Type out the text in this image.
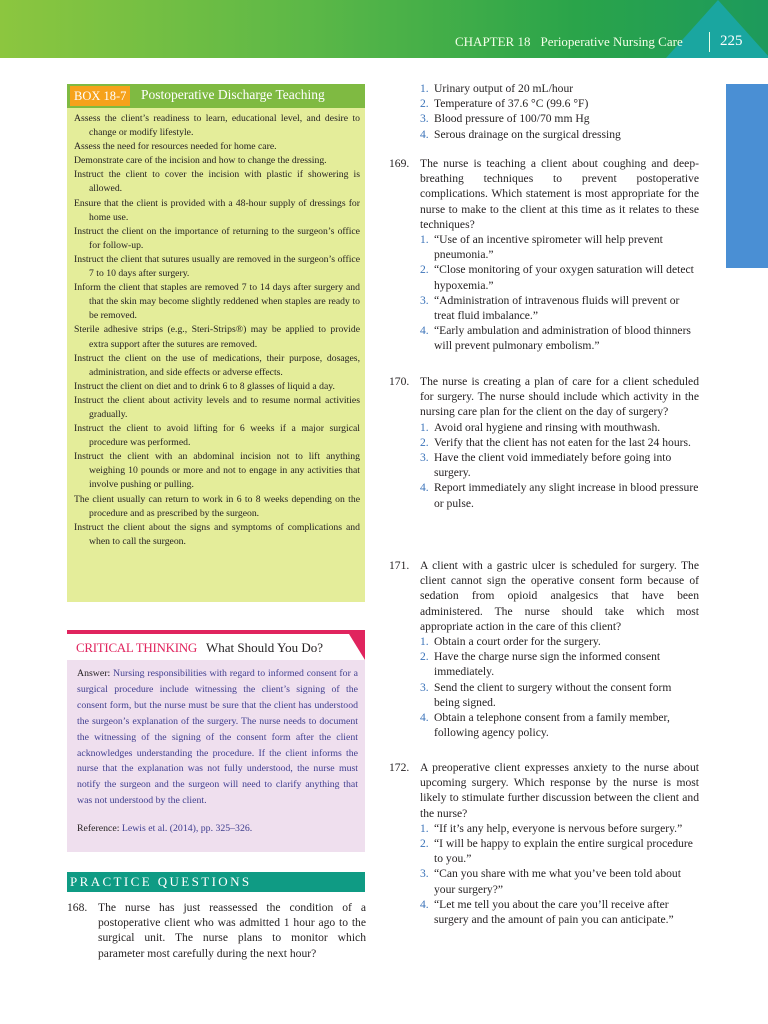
CHAPTER 18 Perioperative Nursing Care 225
BOX 18-7 Postoperative Discharge Teaching
Assess the client’s readiness to learn, educational level, and desire to change or modify lifestyle.
Assess the need for resources needed for home care.
Demonstrate care of the incision and how to change the dressing.
Instruct the client to cover the incision with plastic if showering is allowed.
Ensure that the client is provided with a 48-hour supply of dressings for home use.
Instruct the client on the importance of returning to the surgeon’s office for follow-up.
Instruct the client that sutures usually are removed in the surgeon’s office 7 to 10 days after surgery.
Inform the client that staples are removed 7 to 14 days after surgery and that the skin may become slightly reddened when staples are ready to be removed.
Sterile adhesive strips (e.g., Steri-Strips®) may be applied to provide extra support after the sutures are removed.
Instruct the client on the use of medications, their purpose, dosages, administration, and side effects or adverse effects.
Instruct the client on diet and to drink 6 to 8 glasses of liquid a day.
Instruct the client about activity levels and to resume normal activities gradually.
Instruct the client to avoid lifting for 6 weeks if a major surgical procedure was performed.
Instruct the client with an abdominal incision not to lift anything weighing 10 pounds or more and not to engage in any activities that involve pushing or pulling.
The client usually can return to work in 6 to 8 weeks depending on the procedure and as prescribed by the surgeon.
Instruct the client about the signs and symptoms of complications and when to call the surgeon.
CRITICAL THINKING What Should You Do?
Answer: Nursing responsibilities with regard to informed consent for a surgical procedure include witnessing the client’s signing of the consent form, but the nurse must be sure that the client has understood the surgeon’s explanation of the surgery. The nurse needs to document the witnessing of the signing of the consent form after the client acknowledges understanding the procedure. If the client informs the nurse that the explanation was not fully understood, the nurse must notify the surgeon and the surgeon will need to clarify anything that was not understood by the client.
Reference: Lewis et al. (2014), pp. 325–326.
PRACTICE QUESTIONS
168. The nurse has just reassessed the condition of a postoperative client who was admitted 1 hour ago to the surgical unit. The nurse plans to monitor which parameter most carefully during the next hour?
1. Urinary output of 20 mL/hour
2. Temperature of 37.6 °C (99.6 °F)
3. Blood pressure of 100/70 mm Hg
4. Serous drainage on the surgical dressing
169. The nurse is teaching a client about coughing and deep-breathing techniques to prevent postoperative complications. Which statement is most appropriate for the nurse to make to the client at this time as it relates to these techniques?
1. “Use of an incentive spirometer will help prevent pneumonia.”
2. “Close monitoring of your oxygen saturation will detect hypoxemia.”
3. “Administration of intravenous fluids will prevent or treat fluid imbalance.”
4. “Early ambulation and administration of blood thinners will prevent pulmonary embolism.”
170. The nurse is creating a plan of care for a client scheduled for surgery. The nurse should include which activity in the nursing care plan for the client on the day of surgery?
1. Avoid oral hygiene and rinsing with mouthwash.
2. Verify that the client has not eaten for the last 24 hours.
3. Have the client void immediately before going into surgery.
4. Report immediately any slight increase in blood pressure or pulse.
171. A client with a gastric ulcer is scheduled for surgery. The client cannot sign the operative consent form because of sedation from opioid analgesics that have been administered. The nurse should take which most appropriate action in the care of this client?
1. Obtain a court order for the surgery.
2. Have the charge nurse sign the informed consent immediately.
3. Send the client to surgery without the consent form being signed.
4. Obtain a telephone consent from a family member, following agency policy.
172. A preoperative client expresses anxiety to the nurse about upcoming surgery. Which response by the nurse is most likely to stimulate further discussion between the client and the nurse?
1. “If it’s any help, everyone is nervous before surgery.”
2. “I will be happy to explain the entire surgical procedure to you.”
3. “Can you share with me what you’ve been told about your surgery?”
4. “Let me tell you about the care you’ll receive after surgery and the amount of pain you can anticipate.”
